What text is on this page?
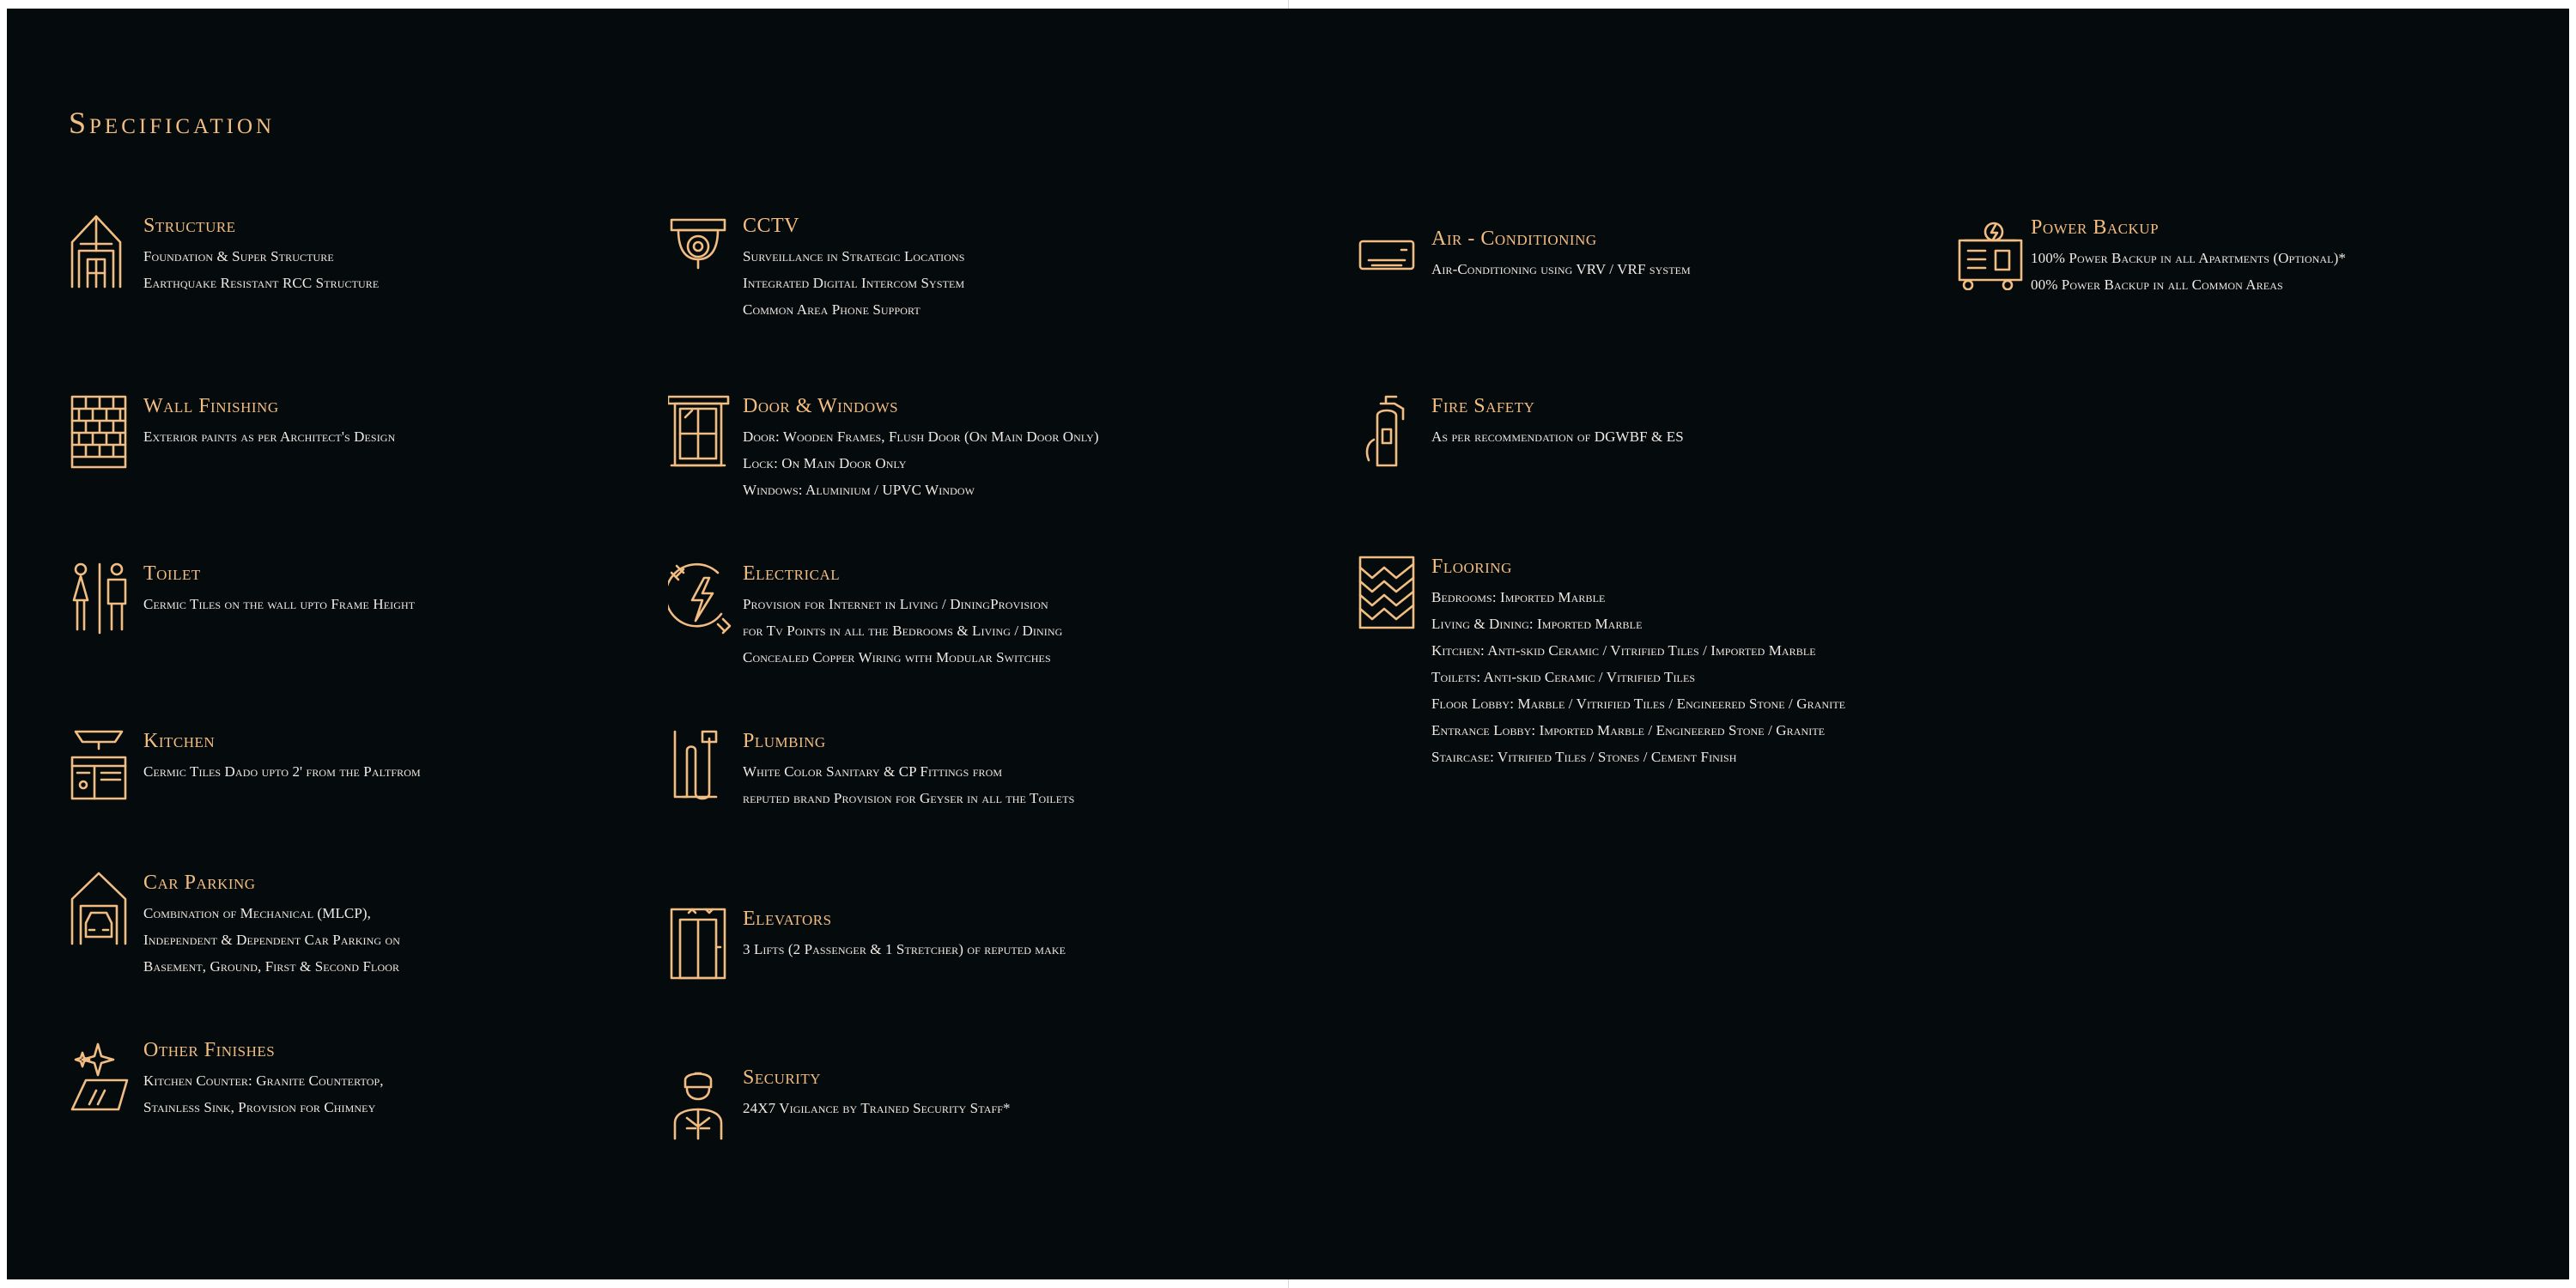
Specification
Structure

Foundation & Super Structure

Earthquake Resistant RCC Structure

CCTV

Surveillance in Strategic Locations

Integrated Digital Intercom System

Common Area Phone Support

Air - Conditioning

Air-Conditioning using VRV / VRF system

Power Backup

100% Power Backup in all Apartments (Optional)*

00% Power Backup in all Common Areas

Wall Finishing

Exterior paints as per Architect's Design

Door & Windows

Door: Wooden Frames, Flush Door (On Main Door Only)

Lock: On Main Door Only

Windows: Aluminium / UPVC Window

Fire Safety

As per recommendation of DGWBF & ES

Toilet

Cermic Tiles on the wall upto Frame Height

Electrical

Provision for Internet in Living / DiningProvision

for Tv Points in all the Bedrooms & Living / Dining

Concealed Copper Wiring with Modular Switches

Flooring

Bedrooms: Imported Marble

Living & Dining: Imported Marble

Kitchen: Anti-skid Ceramic / Vitrified Tiles / Imported Marble

Toilets: Anti-skid Ceramic / Vitrified Tiles

Floor Lobby: Marble / Vitrified Tiles / Engineered Stone / Granite

Entrance Lobby: Imported Marble / Engineered Stone / Granite

Staircase: Vitrified Tiles / Stones / Cement Finish

Kitchen

Cermic Tiles Dado upto 2' from the Paltfrom

Plumbing

White Color Sanitary & CP Fittings from

reputed brand Provision for Geyser in all the Toilets

Car Parking

Combination of Mechanical (MLCP),

Independent & Dependent Car Parking on

Basement, Ground, First & Second Floor

Elevators

3 Lifts (2 Passenger & 1 Stretcher) of reputed make

Other Finishes

Kitchen Counter: Granite Countertop,

Stainless Sink, Provision for Chimney

Security

24X7 Vigilance by Trained Security Staff*
